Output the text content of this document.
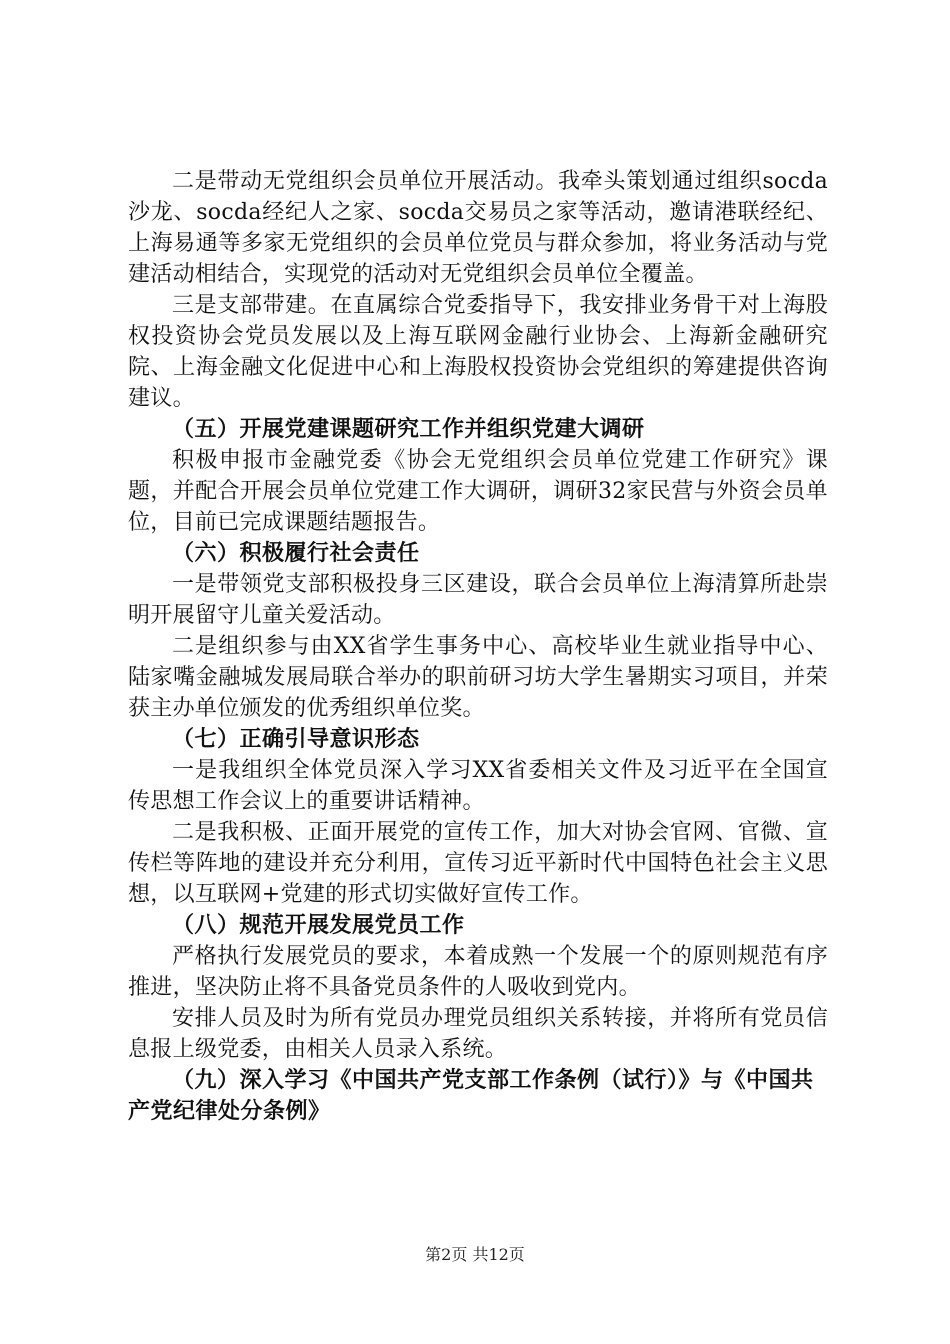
二是带动无党组织会员单位开展活动。我牵头策划通过组织socda沙龙、socda经纪人之家、socda交易员之家等活动，邀请港联经纪、上海易通等多家无党组织的会员单位党员与群众参加，将业务活动与党建活动相结合，实现党的活动对无党组织会员单位全覆盖。

三是支部带建。在直属综合党委指导下，我安排业务骨干对上海股权投资协会党员发展以及上海互联网金融行业协会、上海新金融研究院、上海金融文化促进中心和上海股权投资协会党组织的筹建提供咨询建议。

（五）开展党建课题研究工作并组织党建大调研

积极申报市金融党委《协会无党组织会员单位党建工作研究》课题，并配合开展会员单位党建工作大调研，调研32家民营与外资会员单位，目前已完成课题结题报告。

（六）积极履行社会责任

一是带领党支部积极投身三区建设，联合会员单位上海清算所赴崇明开展留守儿童关爱活动。

二是组织参与由XX省学生事务中心、高校毕业生就业指导中心、陆家嘴金融城发展局联合举办的职前研习坊大学生暑期实习项目，并荣获主办单位颁发的优秀组织单位奖。

（七）正确引导意识形态

一是我组织全体党员深入学习XX省委相关文件及习近平在全国宣传思想工作会议上的重要讲话精神。

二是我积极、正面开展党的宣传工作，加大对协会官网、官微、宣传栏等阵地的建设并充分利用，宣传习近平新时代中国特色社会主义思想，以互联网+党建的形式切实做好宣传工作。

（八）规范开展发展党员工作

严格执行发展党员的要求，本着成熟一个发展一个的原则规范有序推进，坚决防止将不具备党员条件的人吸收到党内。

安排人员及时为所有党员办理党员组织关系转接，并将所有党员信息报上级党委，由相关人员录入系统。

（九）深入学习《中国共产党支部工作条例（试行）》与《中国共产党纪律处分条例》

第2页 共12页
